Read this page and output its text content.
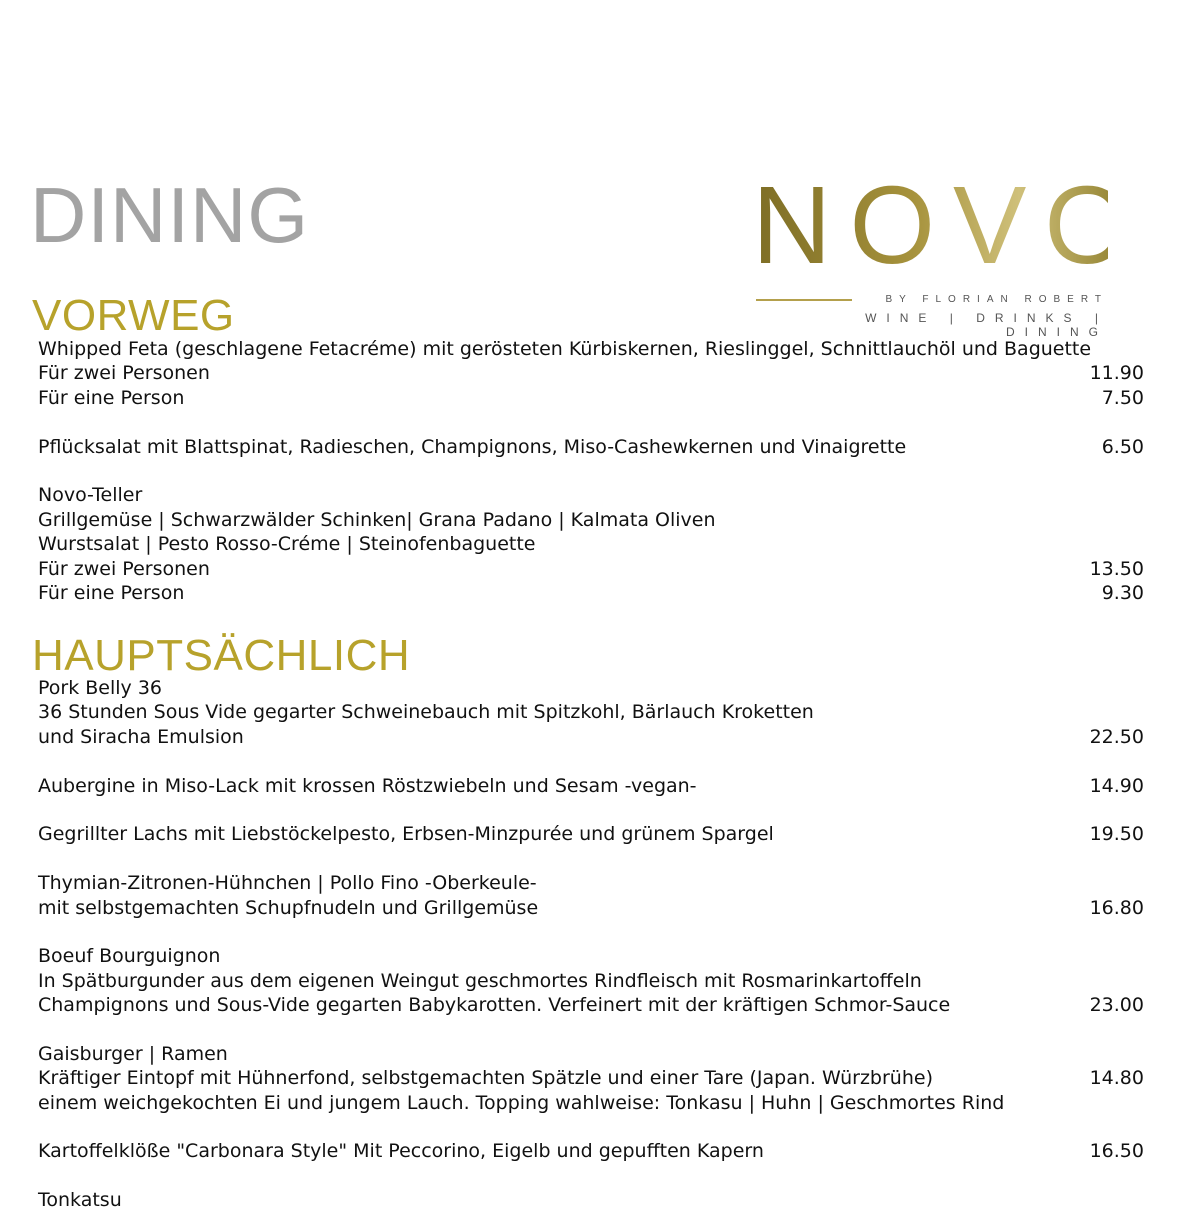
DINING	NOVO
BY FLORIAN ROBERT
WINE | DRINKS | DINING
VORWEG
Whipped Feta (geschlagene Fetacréme) mit gerösteten Kürbiskernen, Rieslinggel, Schnittlauchöl und Baguette
Für zwei Personen	11.90
Für eine Person	7.50
Pflücksalat mit Blattspinat, Radieschen, Champignons, Miso-Cashewkernen und Vinaigrette	6.50
Novo-Teller
Grillgemüse | Schwarzwälder Schinken| Grana Padano | Kalmata Oliven
Wurstsalat | Pesto Rosso-Créme | Steinofenbaguette
Für zwei Personen	13.50
Für eine Person	9.30
HAUPTSÄCHLICH
Pork Belly 36
36 Stunden Sous Vide gegarter Schweinebauch mit Spitzkohl, Bärlauch Kroketten
und Siracha Emulsion	22.50
Aubergine in Miso-Lack mit krossen Röstzwiebeln und Sesam -vegan-	14.90
Gegrillter Lachs mit Liebstöckelpesto, Erbsen-Minzpurée und grünem Spargel	19.50
Thymian-Zitronen-Hühnchen | Pollo Fino -Oberkeule-
mit selbstgemachten Schupfnudeln und Grillgemüse	16.80
Boeuf Bourguignon
In Spätburgunder aus dem eigenen Weingut geschmortes Rindfleisch mit Rosmarinkartoffeln
Champignons und Sous-Vide gegarten Babykarotten. Verfeinert mit der kräftigen Schmor-Sauce	23.00
Gaisburger | Ramen
Kräftiger Eintopf mit Hühnerfond, selbstgemachten Spätzle und einer Tare (Japan. Würzbrühe)	14.80
einem weichgekochten Ei und jungem Lauch. Topping wahlweise: Tonkasu | Huhn | Geschmortes Rind
Kartoffelklöße "Carbonara Style" Mit Peccorino, Eigelb und gepufften Kapern	16.50
Tonkatsu
